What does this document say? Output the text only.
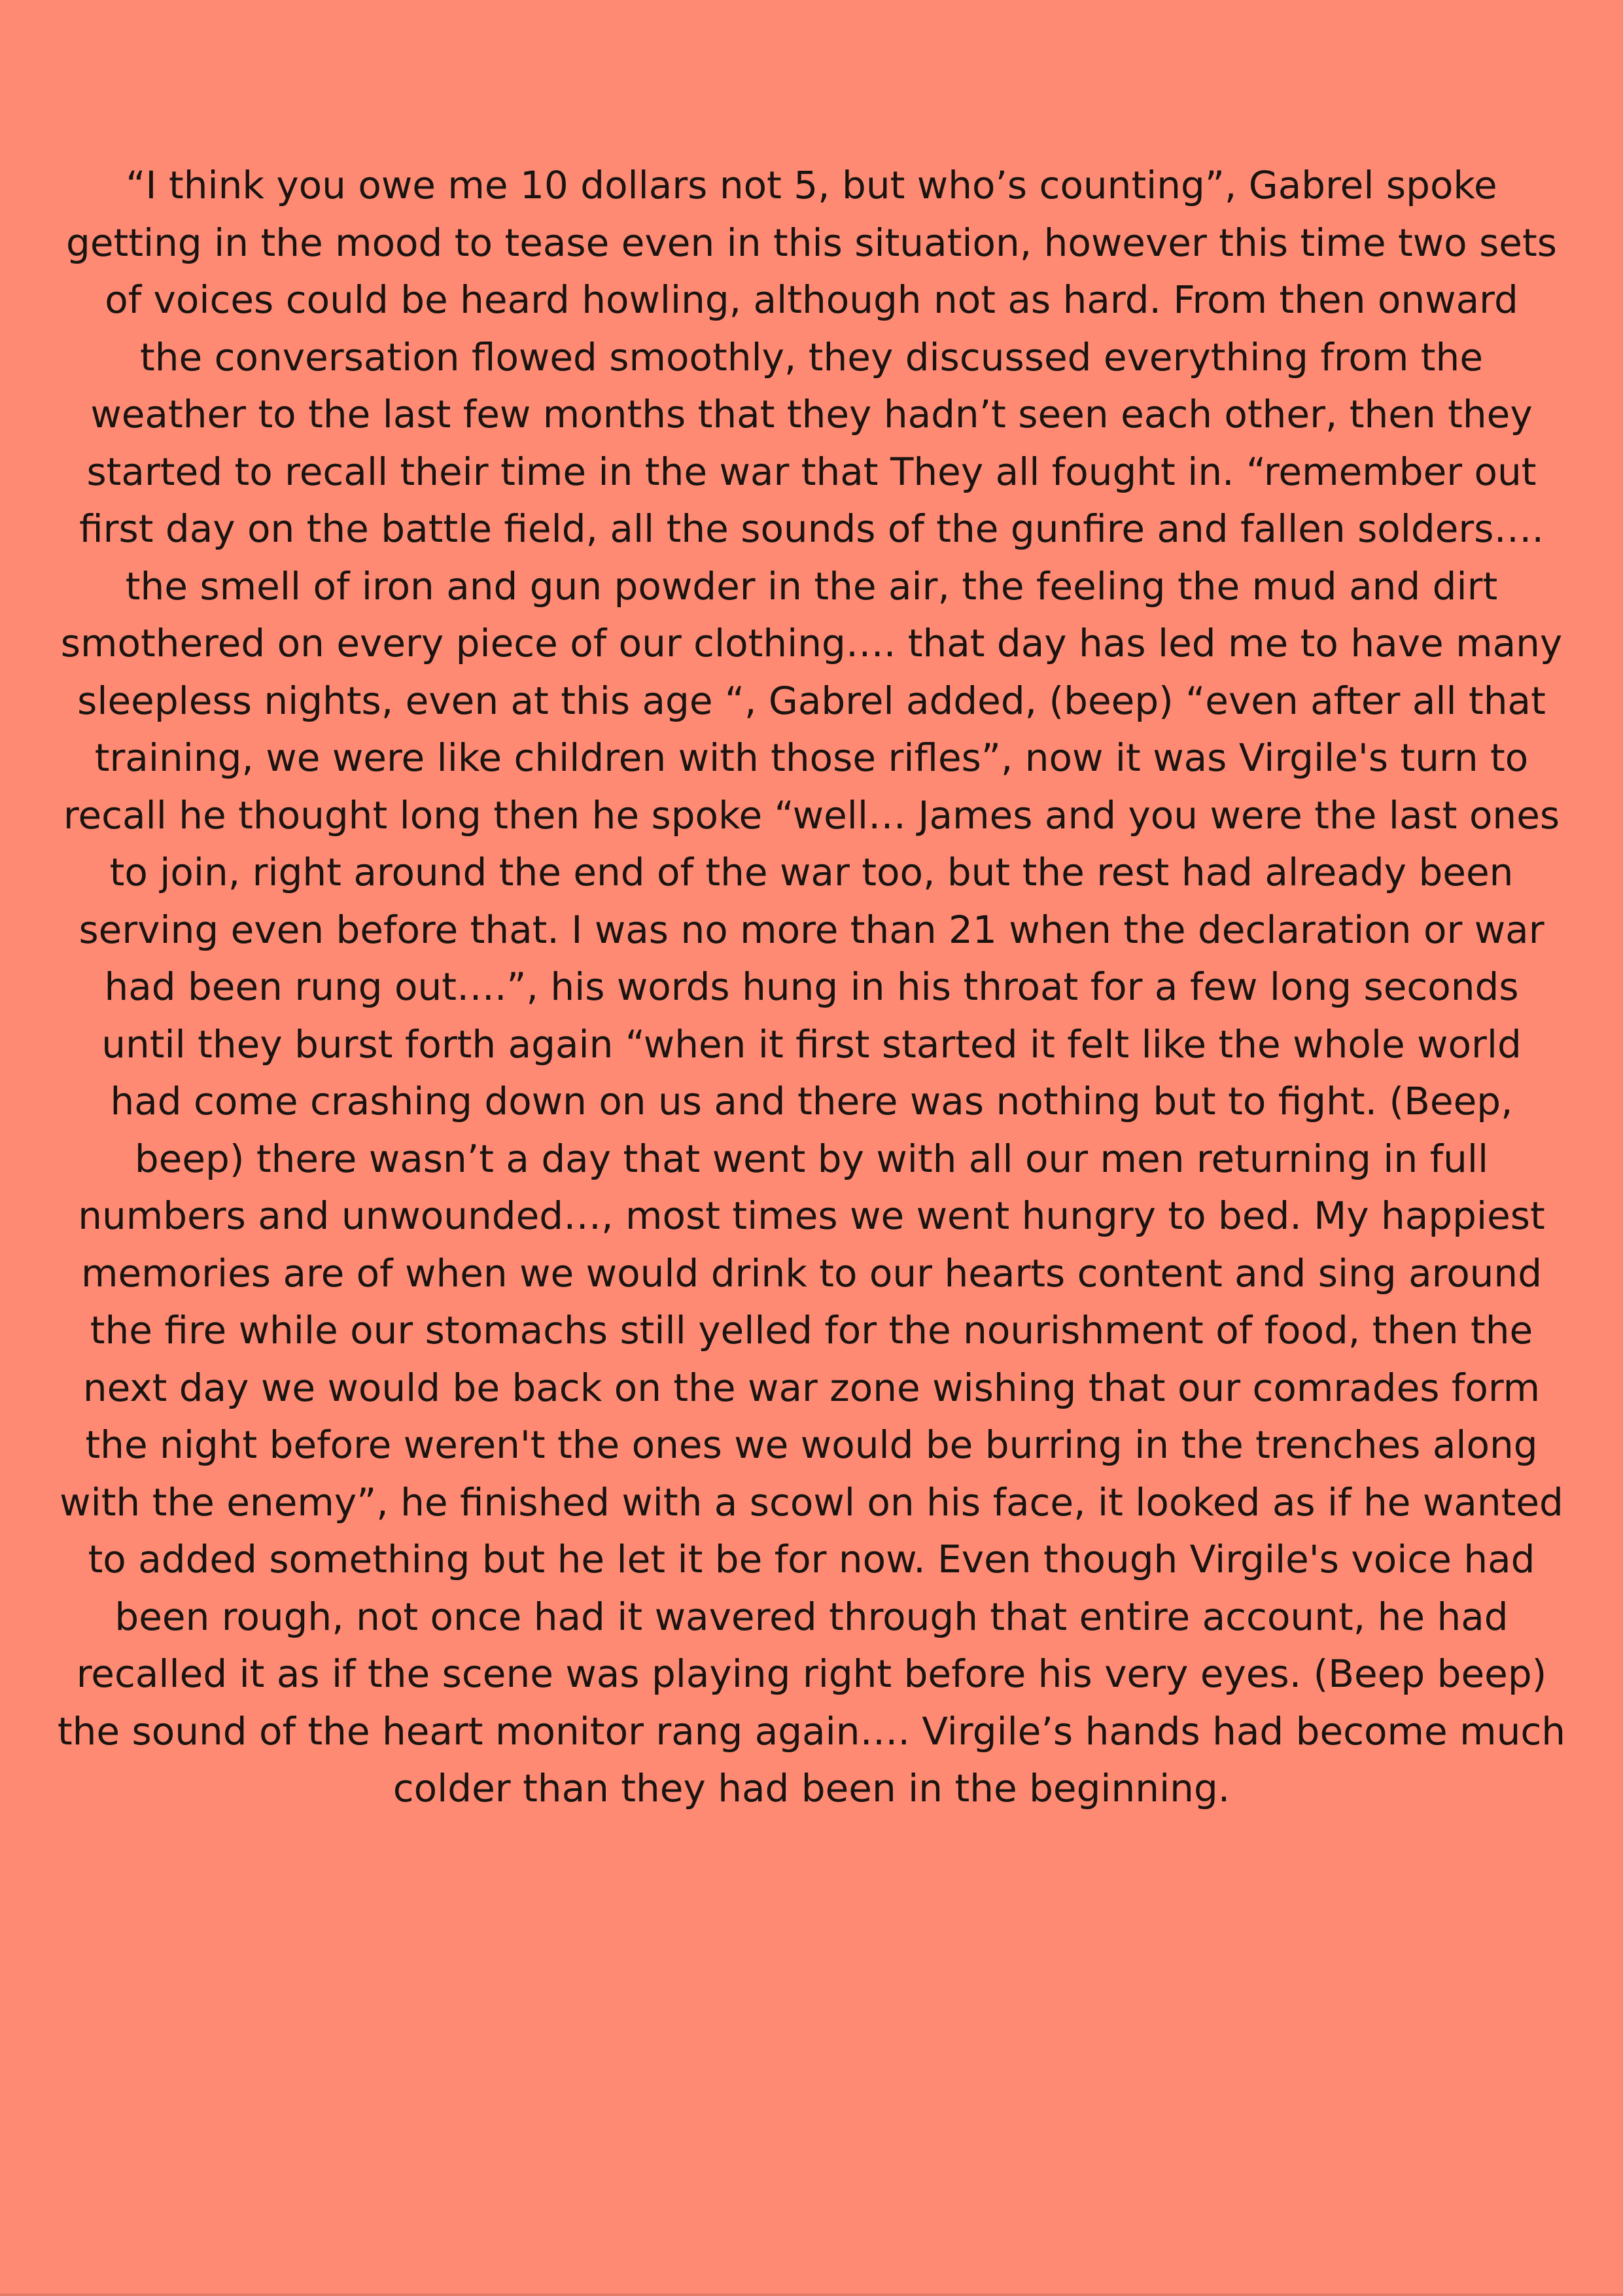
“I think you owe me 10 dollars not 5, but who’s counting”, Gabrel spoke
getting in the mood to tease even in this situation, however this time two sets
of voices could be heard howling, although not as hard. From then onward
the conversation flowed smoothly, they discussed everything from the
weather to the last few months that they hadn’t seen each other, then they
started to recall their time in the war that They all fought in. “remember out
first day on the battle field, all the sounds of the gunfire and fallen solders….
the smell of iron and gun powder in the air, the feeling the mud and dirt
smothered on every piece of our clothing…. that day has led me to have many
sleepless nights, even at this age “, Gabrel added, (beep) “even after all that
training, we were like children with those rifles”, now it was Virgile's turn to
recall he thought long then he spoke “well… James and you were the last ones
to join, right around the end of the war too, but the rest had already been
serving even before that. I was no more than 21 when the declaration or war
had been rung out….”, his words hung in his throat for a few long seconds
until they burst forth again “when it first started it felt like the whole world
had come crashing down on us and there was nothing but to fight. (Beep,
beep) there wasn’t a day that went by with all our men returning in full
numbers and unwounded…, most times we went hungry to bed. My happiest
memories are of when we would drink to our hearts content and sing around
the fire while our stomachs still yelled for the nourishment of food, then the
next day we would be back on the war zone wishing that our comrades form
the night before weren't the ones we would be burring in the trenches along
with the enemy”, he finished with a scowl on his face, it looked as if he wanted
to added something but he let it be for now. Even though Virgile's voice had
been rough, not once had it wavered through that entire account, he had
recalled it as if the scene was playing right before his very eyes. (Beep beep)
the sound of the heart monitor rang again…. Virgile’s hands had become much
colder than they had been in the beginning.
